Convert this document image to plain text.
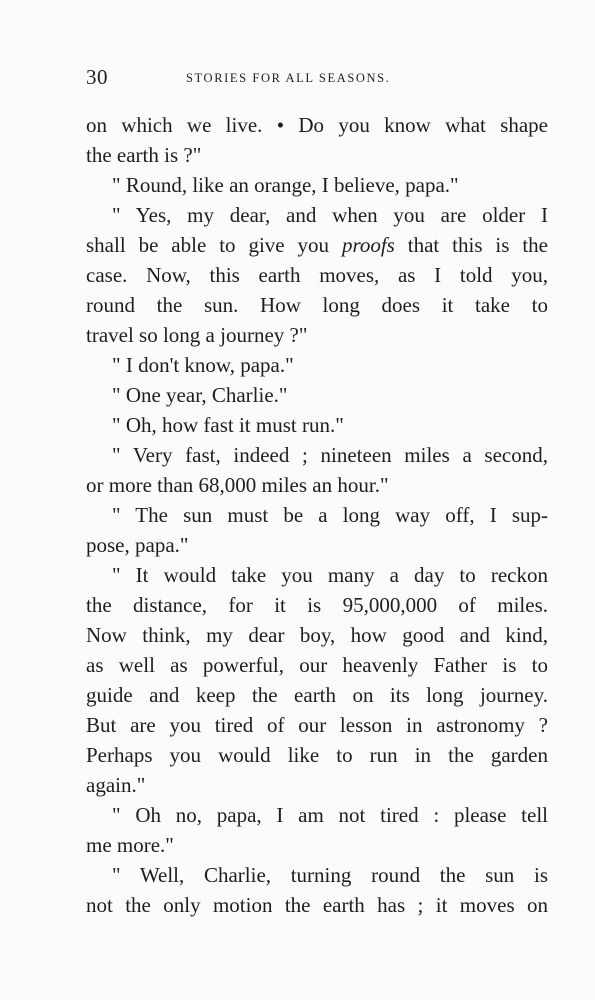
30	STORIES FOR ALL SEASONS.
on which we live. • Do you know what shape
the earth is ?"
" Round, like an orange, I believe, papa."
" Yes, my dear, and when you are older I
shall be able to give you proofs that this is the
case. Now, this earth moves, as I told you,
round the sun. How long does it take to
travel so long a journey ?"
" I don't know, papa."
" One year, Charlie."
" Oh, how fast it must run."
" Very fast, indeed ; nineteen miles a second,
or more than 68,000 miles an hour."
" The sun must be a long way off, I sup-
pose, papa."
" It would take you many a day to reckon
the distance, for it is 95,000,000 of miles.
Now think, my dear boy, how good and kind,
as well as powerful, our heavenly Father is to
guide and keep the earth on its long journey.
But are you tired of our lesson in astronomy ?
Perhaps you would like to run in the garden
again."
" Oh no, papa, I am not tired : please tell
me more."
" Well, Charlie, turning round the sun is
not the only motion the earth has ; it moves on
